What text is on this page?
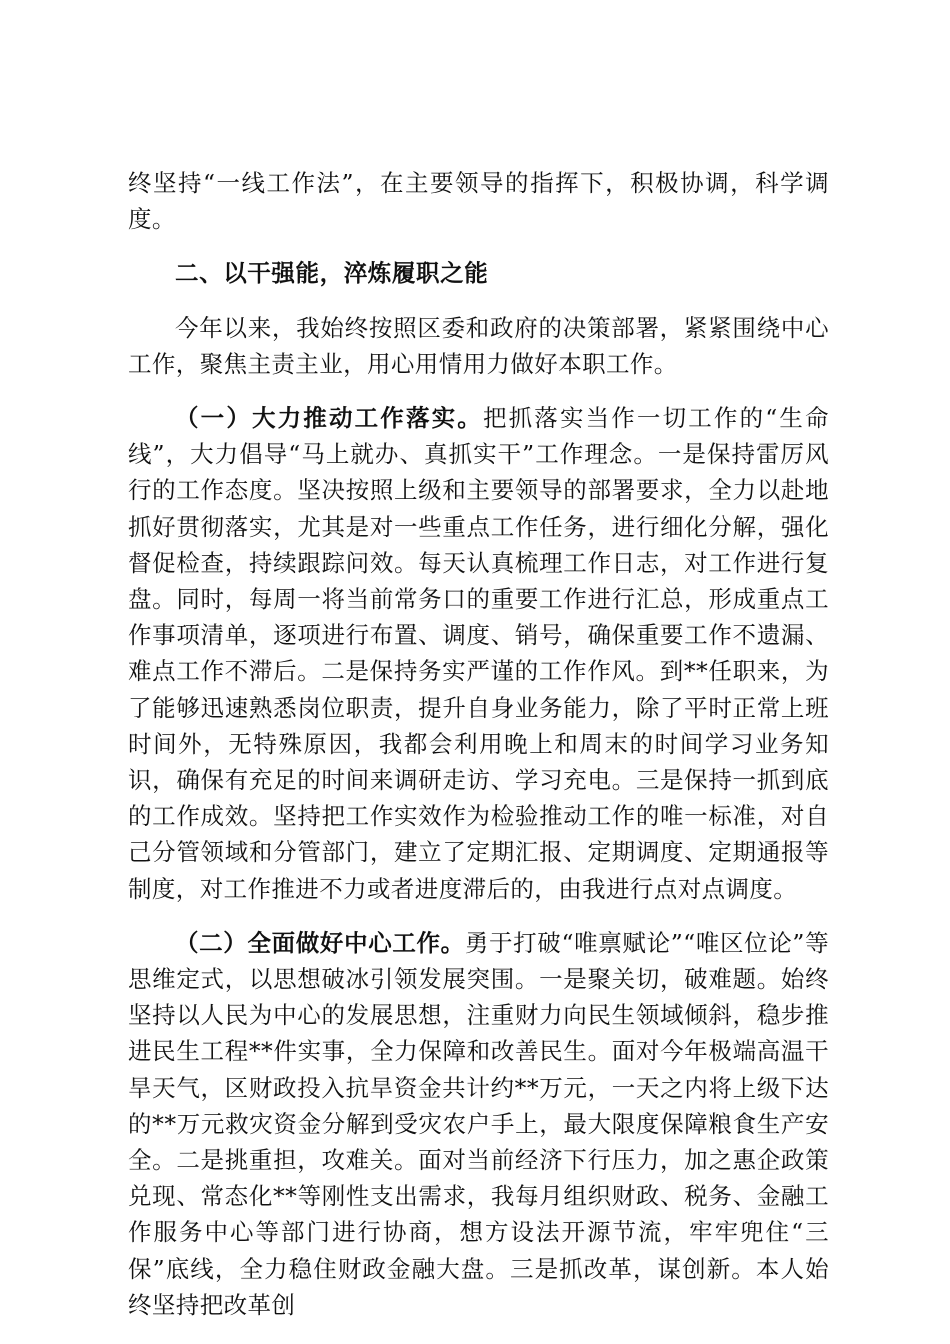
终坚持“一线工作法”，在主要领导的指挥下，积极协调，科学调度。

二、以干强能，淬炼履职之能

今年以来，我始终按照区委和政府的决策部署，紧紧围绕中心工作，聚焦主责主业，用心用情用力做好本职工作。

（一）大力推动工作落实。把抓落实当作一切工作的“生命线”，大力倡导“马上就办、真抓实干”工作理念。一是保持雷厉风行的工作态度。坚决按照上级和主要领导的部署要求，全力以赴地抓好贯彻落实，尤其是对一些重点工作任务，进行细化分解，强化督促检查，持续跟踪问效。每天认真梳理工作日志，对工作进行复盘。同时，每周一将当前常务口的重要工作进行汇总，形成重点工作事项清单，逐项进行布置、调度、销号，确保重要工作不遗漏、难点工作不滞后。二是保持务实严谨的工作作风。到**任职来，为了能够迅速熟悉岗位职责，提升自身业务能力，除了平时正常上班时间外，无特殊原因，我都会利用晚上和周末的时间学习业务知识，确保有充足的时间来调研走访、学习充电。三是保持一抓到底的工作成效。坚持把工作实效作为检验推动工作的唯一标准，对自己分管领域和分管部门，建立了定期汇报、定期调度、定期通报等制度，对工作推进不力或者进度滞后的，由我进行点对点调度。

（二）全面做好中心工作。勇于打破“唯禀赋论”“唯区位论”等思维定式，以思想破冰引领发展突围。一是聚关切，破难题。始终坚持以人民为中心的发展思想，注重财力向民生领域倾斜，稳步推进民生工程**件实事，全力保障和改善民生。面对今年极端高温干旱天气，区财政投入抗旱资金共计约**万元，一天之内将上级下达的**万元救灾资金分解到受灾农户手上，最大限度保障粮食生产安全。二是挑重担，攻难关。面对当前经济下行压力，加之惠企政策兑现、常态化**等刚性支出需求，我每月组织财政、税务、金融工作服务中心等部门进行协商，想方设法开源节流，牢牢兜住“三保”底线，全力稳住财政金融大盘。三是抓改革，谋创新。本人始终坚持把改革创
